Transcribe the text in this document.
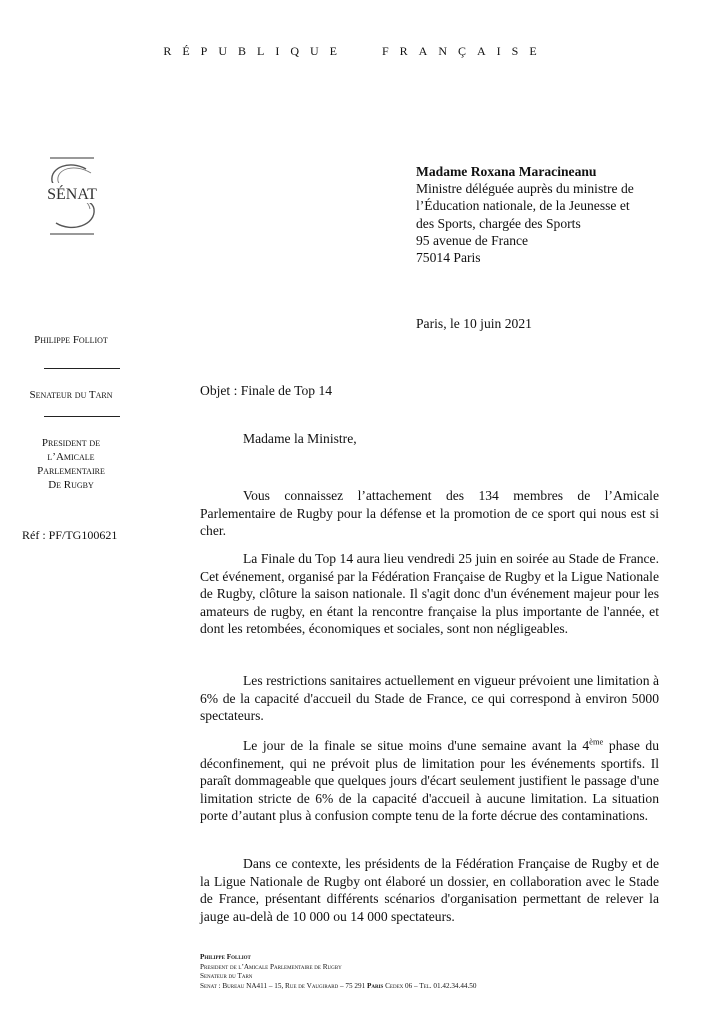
RÉPUBLIQUE	FRANÇAISE
SÉNAT
Madame Roxana Maracineanu
Ministre déléguée auprès du ministre de
l’Éducation nationale, de la Jeunesse et
des Sports, chargée des Sports
95 avenue de France
75014 Paris
Paris, le 10 juin 2021
Philippe Folliot
Senateur du Tarn
President de
l’Amicale
Parlementaire
De Rugby
Réf : PF/TG100621
Objet : Finale de Top 14
Madame la Ministre,
Vous connaissez l’attachement des 134 membres de l’Amicale Parlementaire de Rugby pour la défense et la promotion de ce sport qui nous est si cher.
La Finale du Top 14 aura lieu vendredi 25 juin en soirée au Stade de France. Cet événement, organisé par la Fédération Française de Rugby et la Ligue Nationale de Rugby, clôture la saison nationale. Il s'agit donc d'un événement majeur pour les amateurs de rugby, en étant la rencontre française la plus importante de l'année, et dont les retombées, économiques et sociales, sont non négligeables.
Les restrictions sanitaires actuellement en vigueur prévoient une limitation à 6% de la capacité d'accueil du Stade de France, ce qui correspond à environ 5000 spectateurs.
Le jour de la finale se situe moins d'une semaine avant la 4ème phase du déconfinement, qui ne prévoit plus de limitation pour les événements sportifs. Il paraît dommageable que quelques jours d'écart seulement justifient le passage d'une limitation stricte de 6% de la capacité d'accueil à aucune limitation. La situation porte d’autant plus à confusion compte tenu de la forte décrue des contaminations.
Dans ce contexte, les présidents de la Fédération Française de Rugby et de la Ligue Nationale de Rugby ont élaboré un dossier, en collaboration avec le Stade de France, présentant différents scénarios d'organisation permettant de relever la jauge au-delà de 10 000 ou 14 000 spectateurs.
Philippe Folliot
President de l’Amicale Parlementaire de Rugby
Senateur du Tarn
Senat : Bureau NA411 – 15, Rue de Vaugirard – 75 291 Paris Cedex 06 – Tel. 01.42.34.44.50
